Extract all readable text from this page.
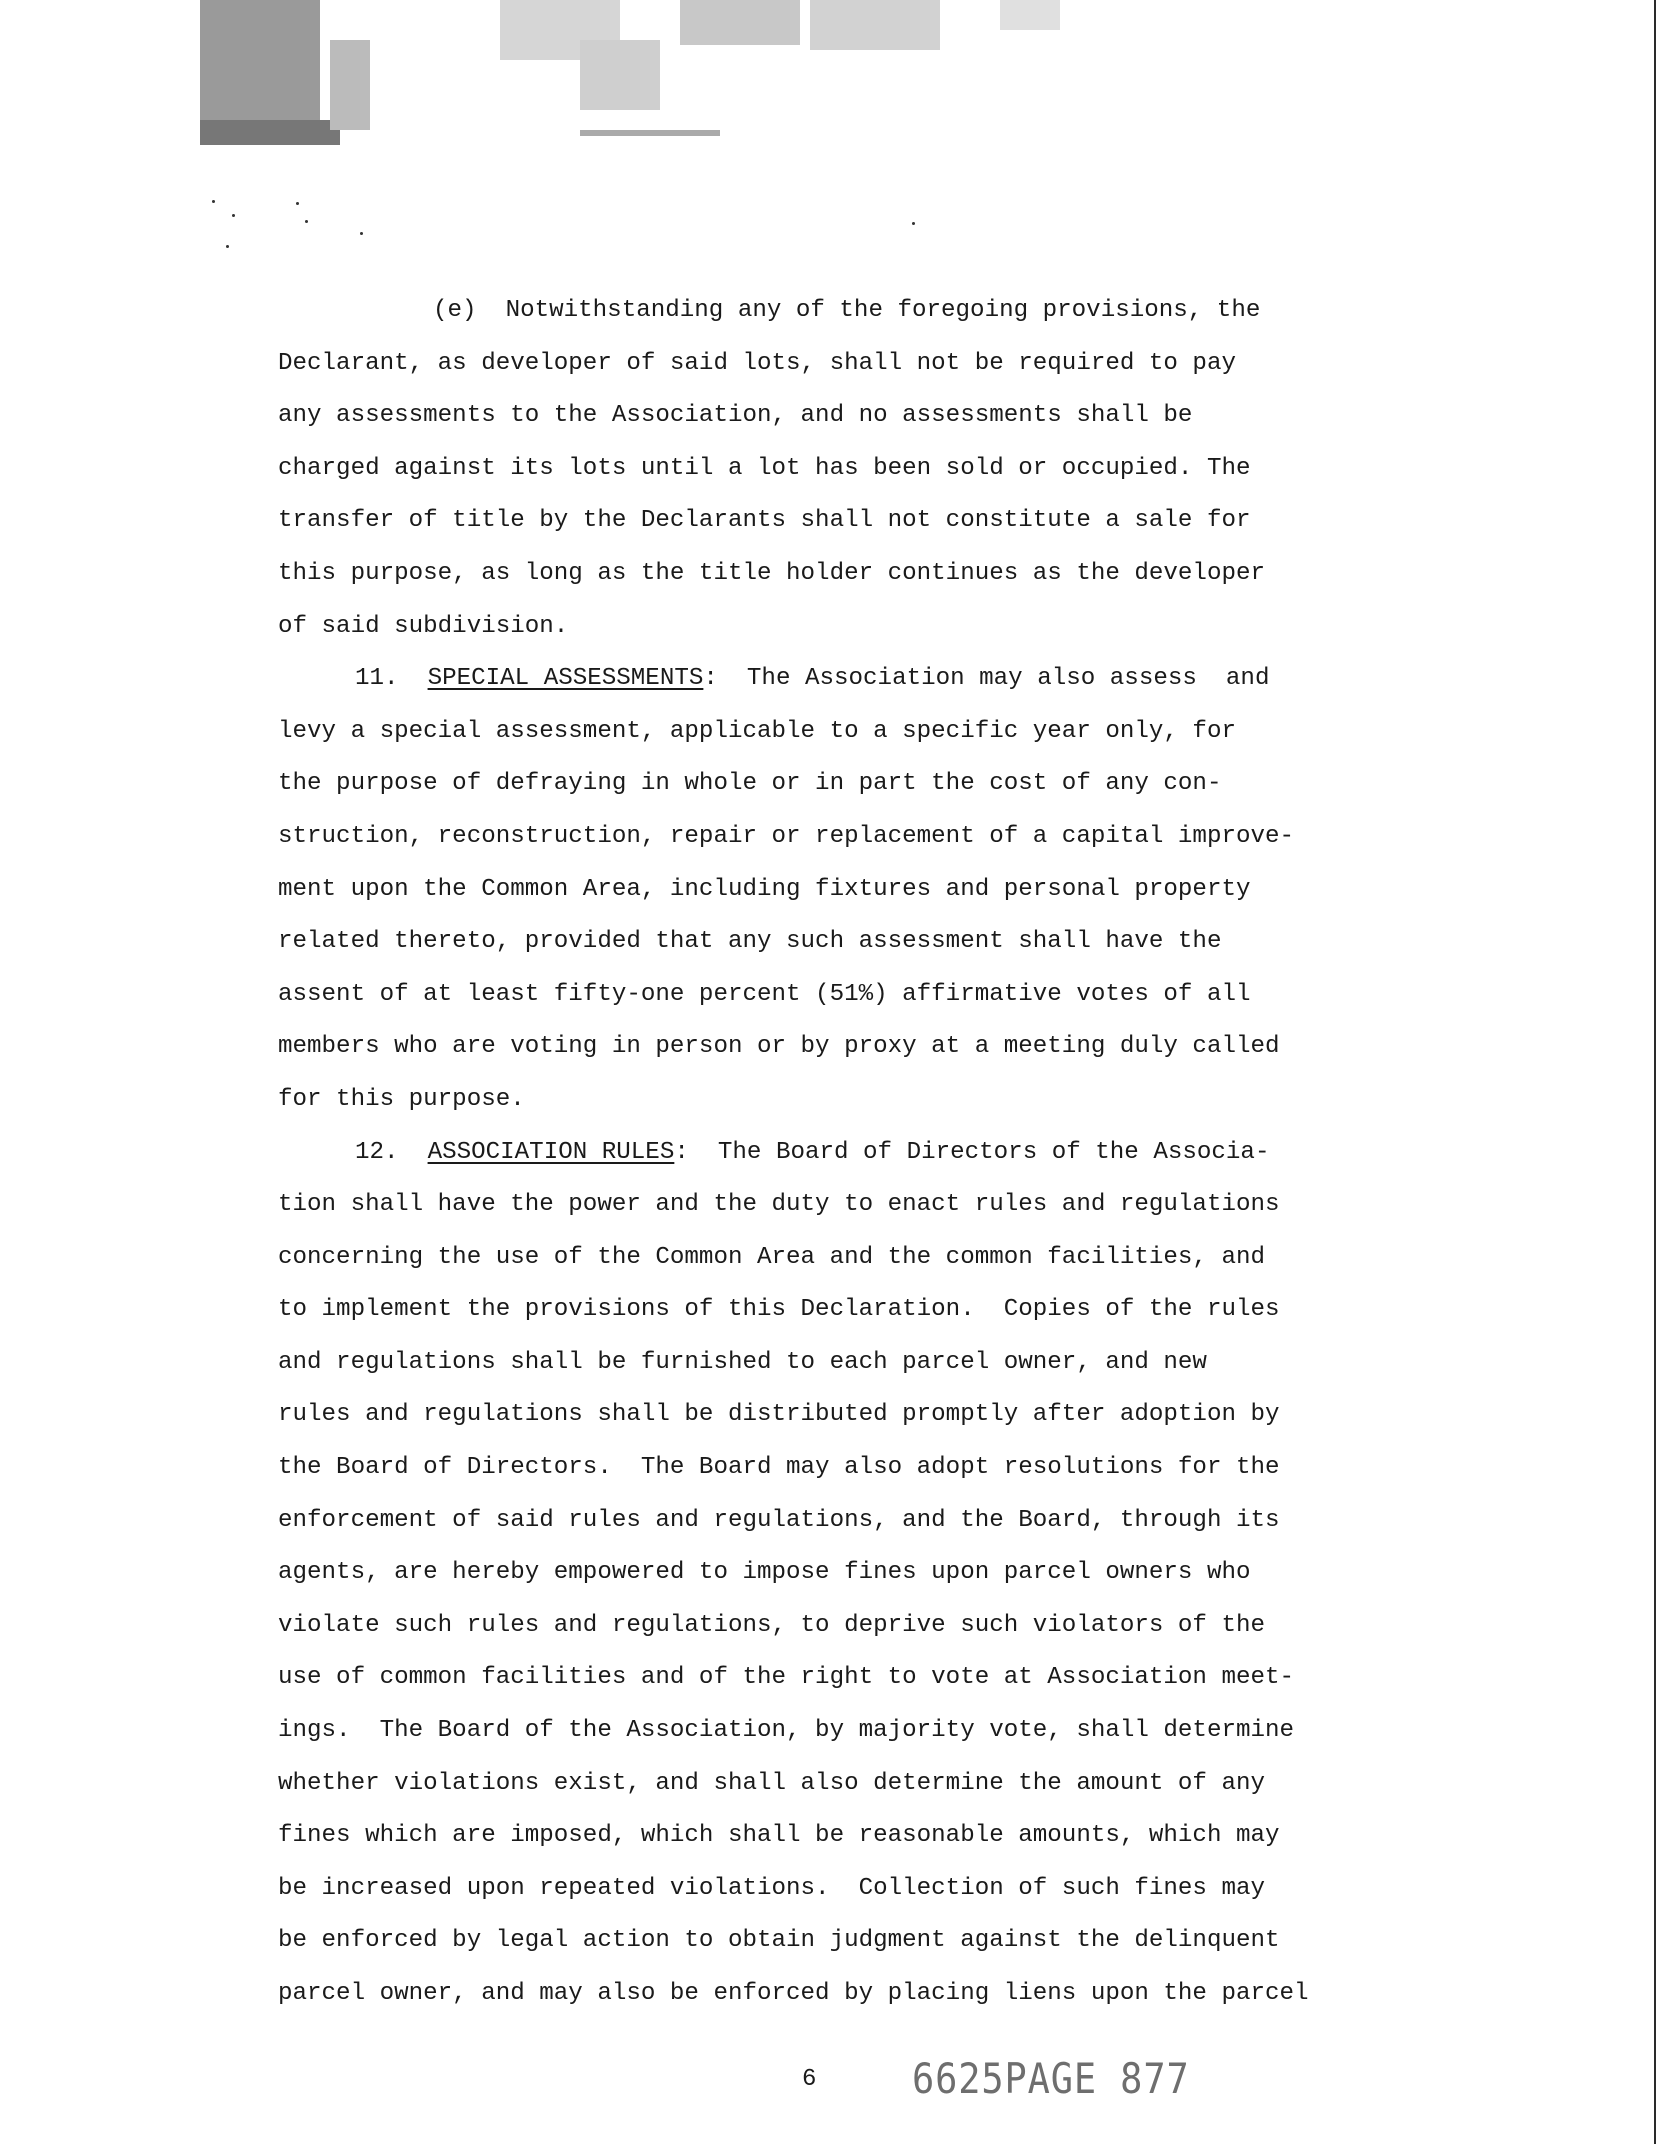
(e) Notwithstanding any of the foregoing provisions, the
Declarant, as developer of said lots, shall not be required to pay
any assessments to the Association, and no assessments shall be
charged against its lots until a lot has been sold or occupied. The
transfer of title by the Declarants shall not constitute a sale for
this purpose, as long as the title holder continues as the developer
of said subdivision.
11. SPECIAL ASSESSMENTS:  The Association may also assess  and
levy a special assessment, applicable to a specific year only, for
the purpose of defraying in whole or in part the cost of any con-
struction, reconstruction, repair or replacement of a capital improve-
ment upon the Common Area, including fixtures and personal property
related thereto, provided that any such assessment shall have the
assent of at least fifty-one percent (51%) affirmative votes of all
members who are voting in person or by proxy at a meeting duly called
for this purpose.
12. ASSOCIATION RULES:  The Board of Directors of the Associa-
tion shall have the power and the duty to enact rules and regulations
concerning the use of the Common Area and the common facilities, and
to implement the provisions of this Declaration.  Copies of the rules
and regulations shall be furnished to each parcel owner, and new
rules and regulations shall be distributed promptly after adoption by
the Board of Directors.  The Board may also adopt resolutions for the
enforcement of said rules and regulations, and the Board, through its
agents, are hereby empowered to impose fines upon parcel owners who
violate such rules and regulations, to deprive such violators of the
use of common facilities and of the right to vote at Association meet-
ings.  The Board of the Association, by majority vote, shall determine
whether violations exist, and shall also determine the amount of any
fines which are imposed, which shall be reasonable amounts, which may
be increased upon repeated violations.  Collection of such fines may
be enforced by legal action to obtain judgment against the delinquent
parcel owner, and may also be enforced by placing liens upon the parcel
6 6625PAGE 877
